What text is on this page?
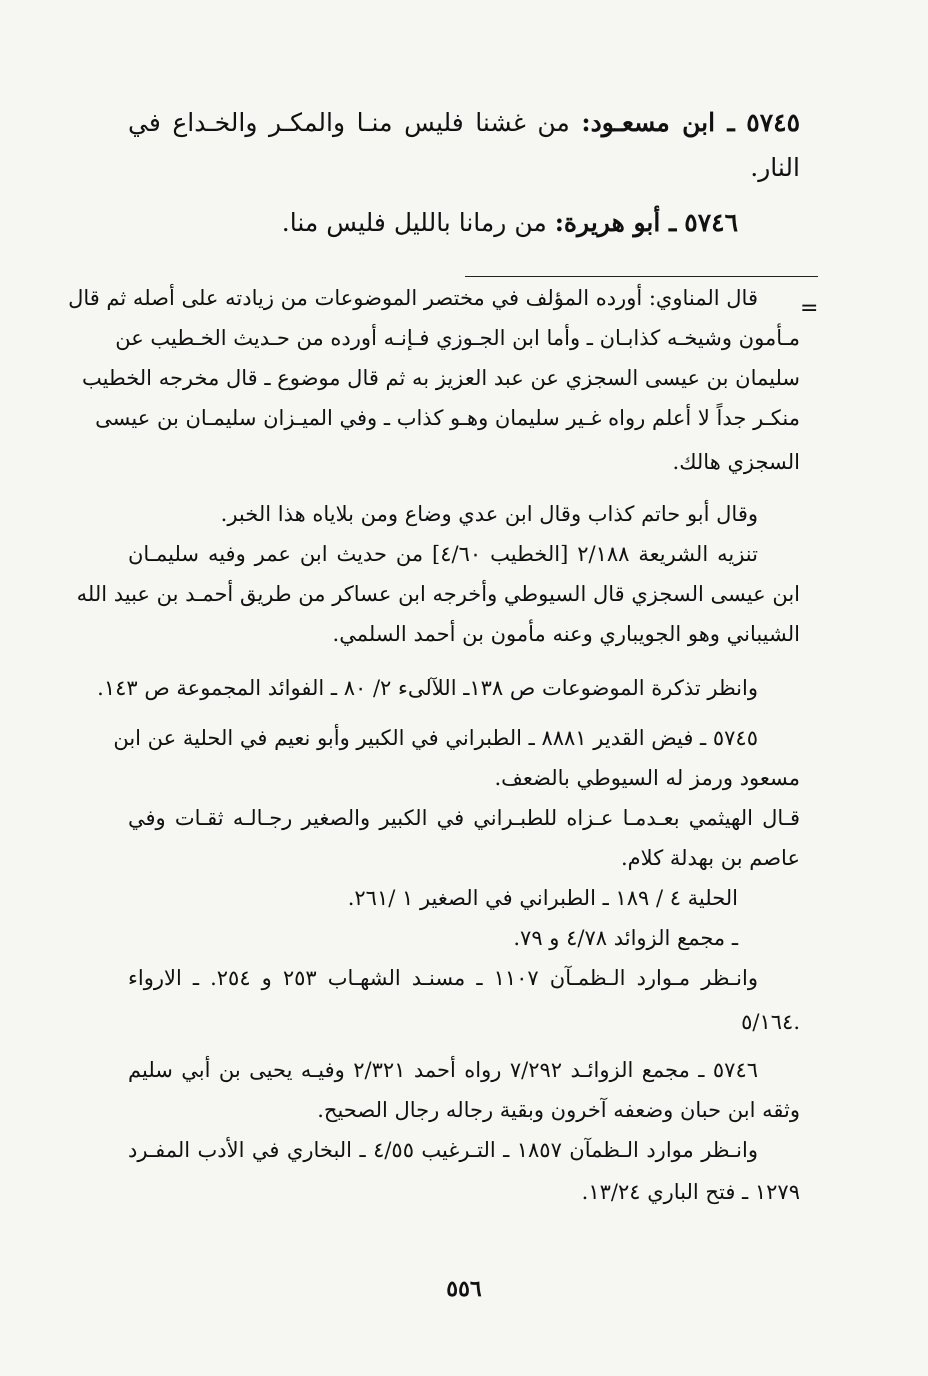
٥٧٤٥ ـ ابن مسعـود: من غشنا فليس منـا والمكـر والخـداع في
النار.
٥٧٤٦ ـ أبو هريرة: من رمانا بالليل فليس منا.
=
قال المناوي: أورده المؤلف في مختصر الموضوعات من زيادته على أصله ثم قال
مـأمون وشيخـه كذابـان ـ وأما ابن الجـوزي فـإنـه أورده من حـديث الخـطيب عن
سليمان بن عيسى السجزي عن عبد العزيز به ثم قال موضوع ـ قال مخرجه الخطيب
منكـر جداً لا أعلم رواه غـير سليمان وهـو كذاب ـ وفي الميـزان سليمـان بن عيسى
السجزي هالك.
وقال أبو حاتم كذاب وقال ابن عدي وضاع ومن بلاياه هذا الخبر.
تنزيه الشريعة ٢/١٨٨ [الخطيب ٤/٦٠] من حديث ابن عمر وفيه سليمـان
ابن عيسى السجزي قال السيوطي وأخرجه ابن عساكر من طريق أحمـد بن عبيد الله
الشيباني وهو الجويباري وعنه مأمون بن أحمد السلمي.
وانظر تذكرة الموضوعات ص ١٣٨ـ اللآلىء ٢/ ٨٠ ـ الفوائد المجموعة ص ١٤٣.
٥٧٤٥ ـ فيض القدير ٨٨٨١ ـ الطبراني في الكبير وأبو نعيم في الحلية عن ابن
مسعود ورمز له السيوطي بالضعف.
قـال الهيثمي بعـدمـا عـزاه للطبـراني في الكبير والصغير رجـالـه ثقـات وفي
عاصم بن بهدلة كلام.
الحلية ٤ / ١٨٩ ـ الطبراني في الصغير ١ /٢٦١.
ـ مجمع الزوائد ٤/٧٨ و ٧٩.
وانـظر مـوارد الـظمـآن ١١٠٧ ـ مسنـد الشهـاب ٢٥٣ و ٢٥٤. ـ الارواء
٥/١٦٤.
٥٧٤٦ ـ مجمع الزوائـد ٧/٢٩٢ رواه أحمد ٢/٣٢١ وفيـه يحيى بن أبي سليم
وثقه ابن حبان وضعفه آخرون وبقية رجاله رجال الصحيح.
وانـظر موارد الـظمآن ١٨٥٧ ـ التـرغيب ٤/٥٥ ـ البخاري في الأدب المفـرد
١٢٧٩ ـ فتح الباري ١٣/٢٤.
٥٥٦
